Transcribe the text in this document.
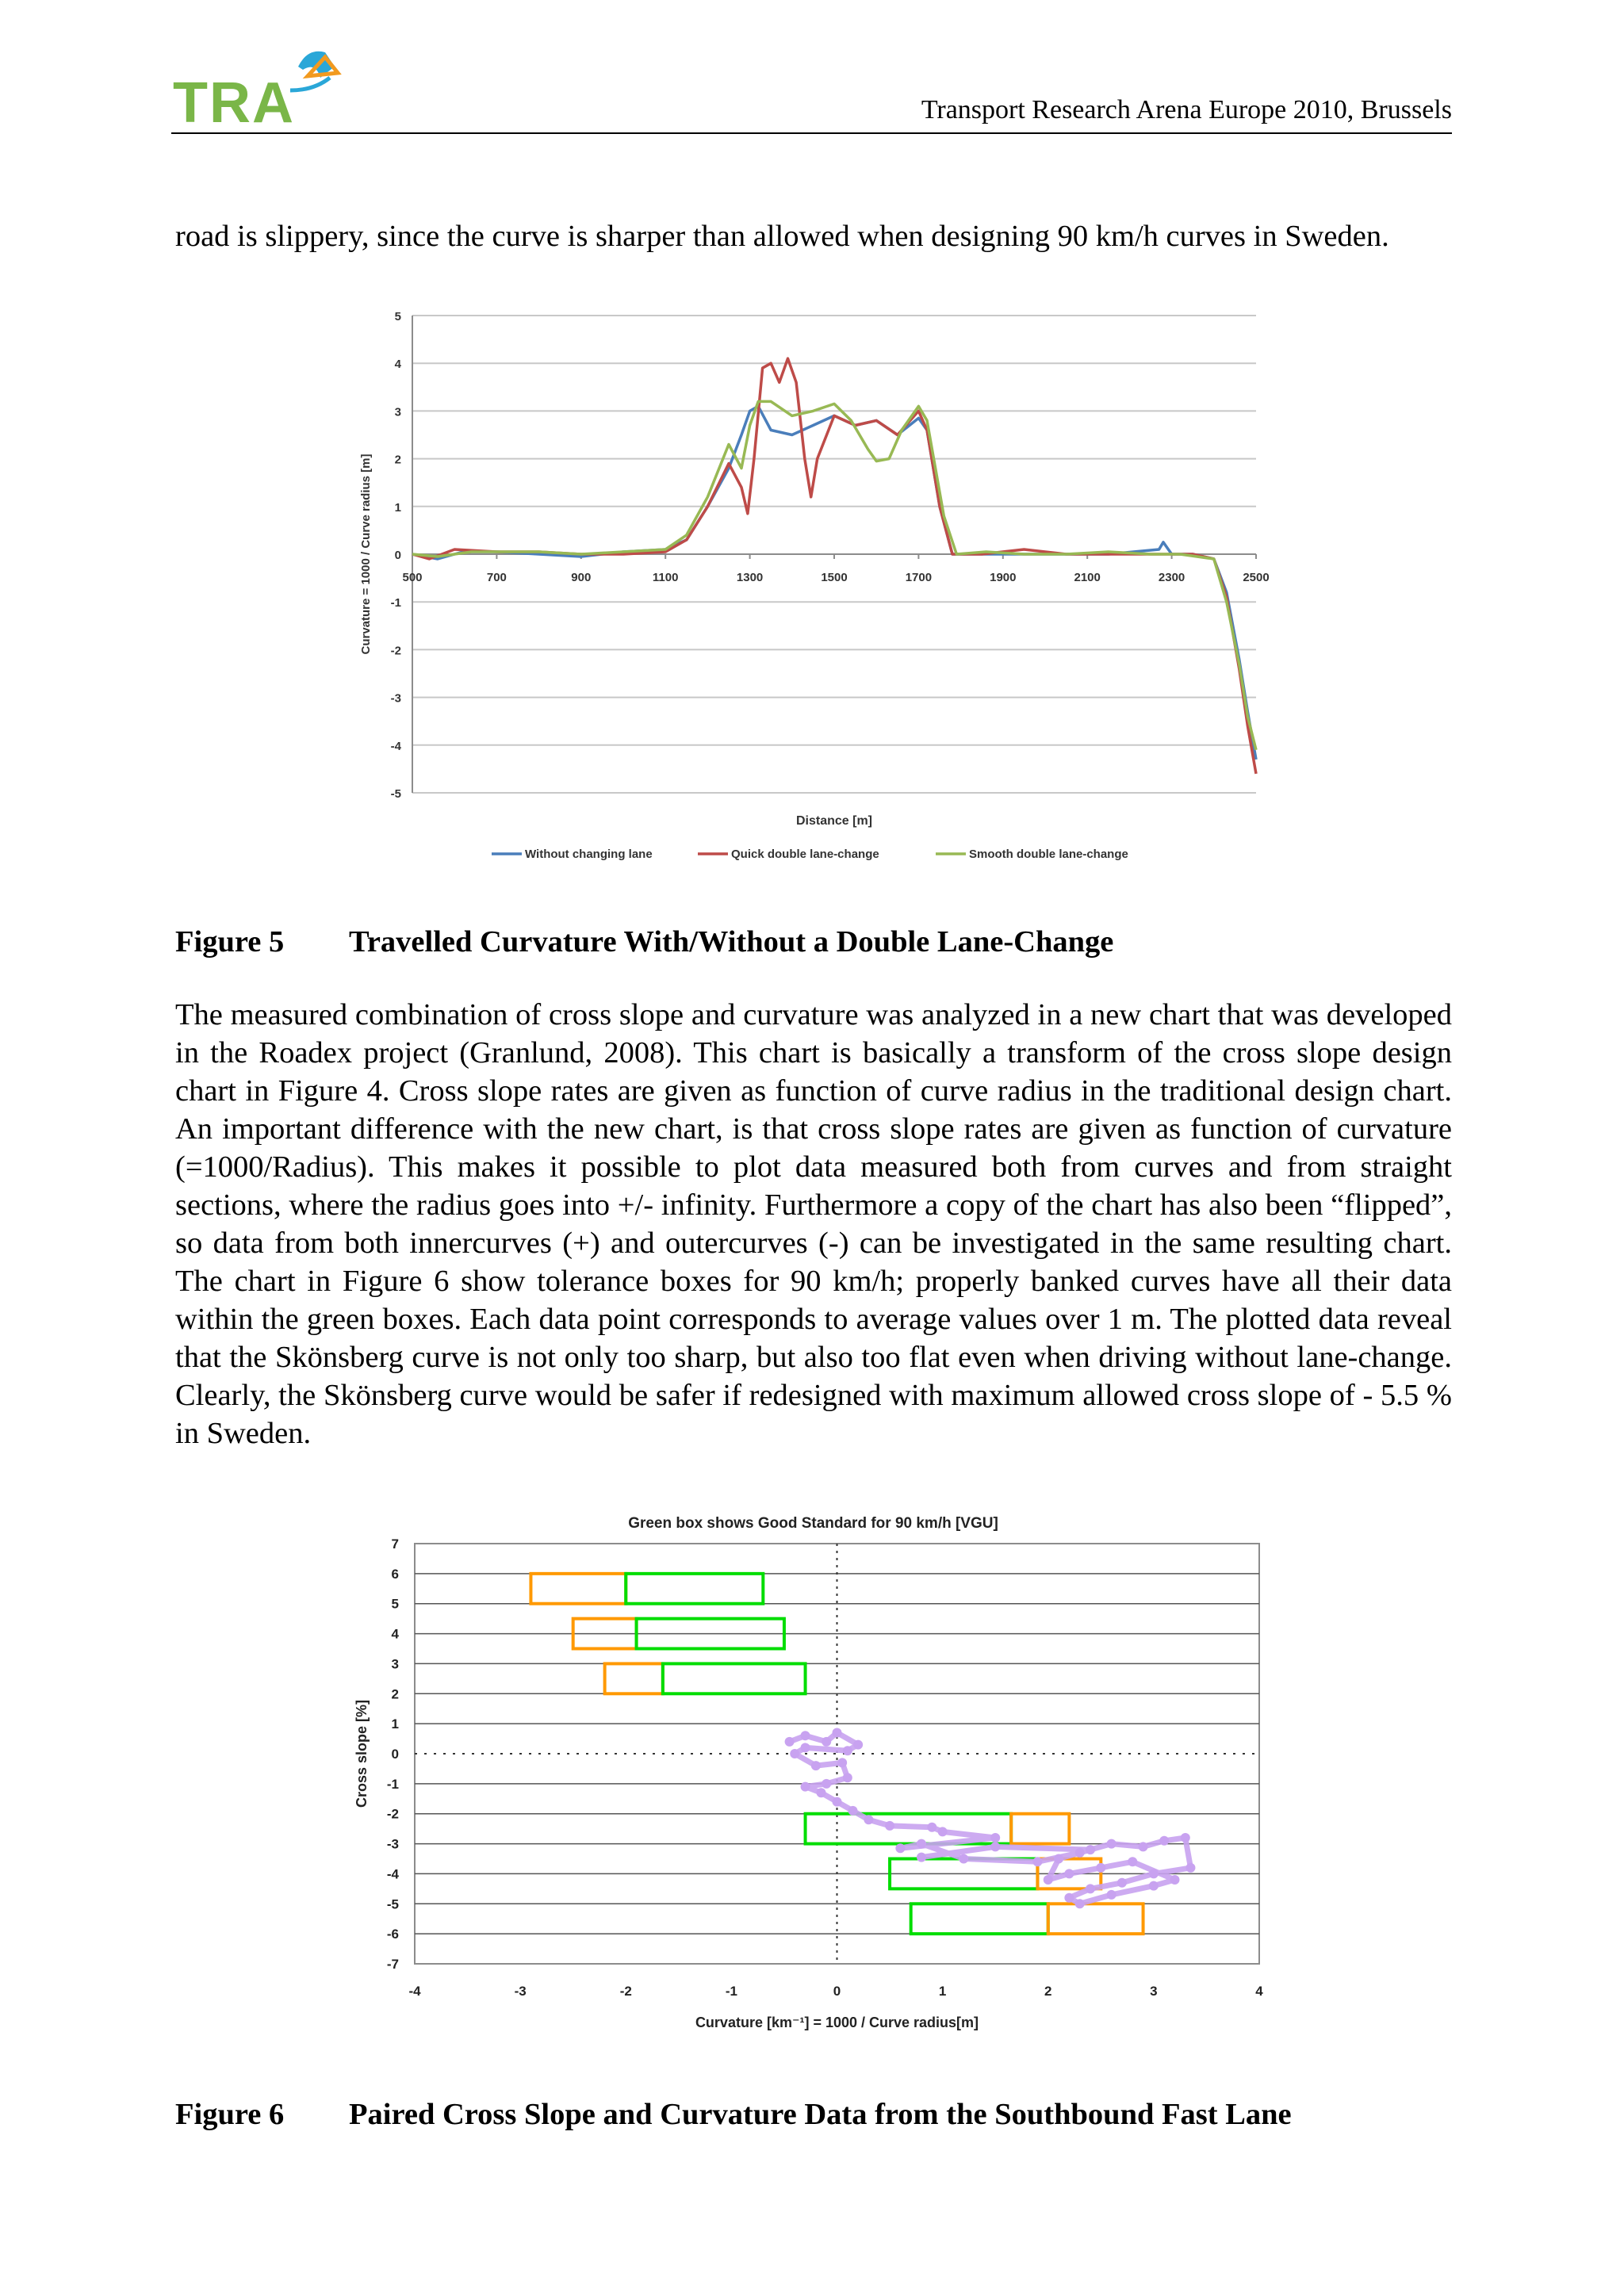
TRA	Transport Research Arena Europe 2010, Brussels

road is slippery, since the curve is sharper than allowed when designing 90 km/h curves in Sweden.

5
4
3
2
1
0
-1
-2
-3
-4
-5
500	700	900	1100	1300	1500	1700	1900	2100	2300	2500
Distance [m]
Curvature = 1000 / Curve radius [m]
Without changing lane	Quick double lane-change	Smooth double lane-change
Figure 5 Travelled Curvature With/Without a Double Lane-Change

The measured combination of cross slope and curvature was analyzed in a new chart that was developed in the Roadex project (Granlund, 2008). This chart is basically a transform of the cross slope design chart in Figure 4. Cross slope rates are given as function of curve radius in the traditional design chart. An important difference with the new chart, is that cross slope rates are given as function of curvature (=1000/Radius). This makes it possible to plot data measured both from curves and from straight sections, where the radius goes into +/- infinity. Furthermore a copy of the chart has also been “flipped”, so data from both innercurves (+) and outercurves (-) can be investigated in the same resulting chart. The chart in Figure 6 show tolerance boxes for 90 km/h; properly banked curves have all their data within the green boxes. Each data point corresponds to average values over 1 m. The plotted data reveal that the Skönsberg curve is not only too sharp, but also too flat even when driving without lane-change. Clearly, the Skönsberg curve would be safer if redesigned with maximum allowed cross slope of - 5.5 % in Sweden.

Green box shows Good Standard for 90 km/h [VGU]
7
6
5
4
3
2
1
0
-1
-2
-3
-4
-5
-6
-7
-4	-3	-2	-1	0	1	2	3	4
Curvature [km⁻¹] = 1000 / Curve radius[m]
Cross slope [%]
Figure 6 Paired Cross Slope and Curvature Data from the Southbound Fast Lane
